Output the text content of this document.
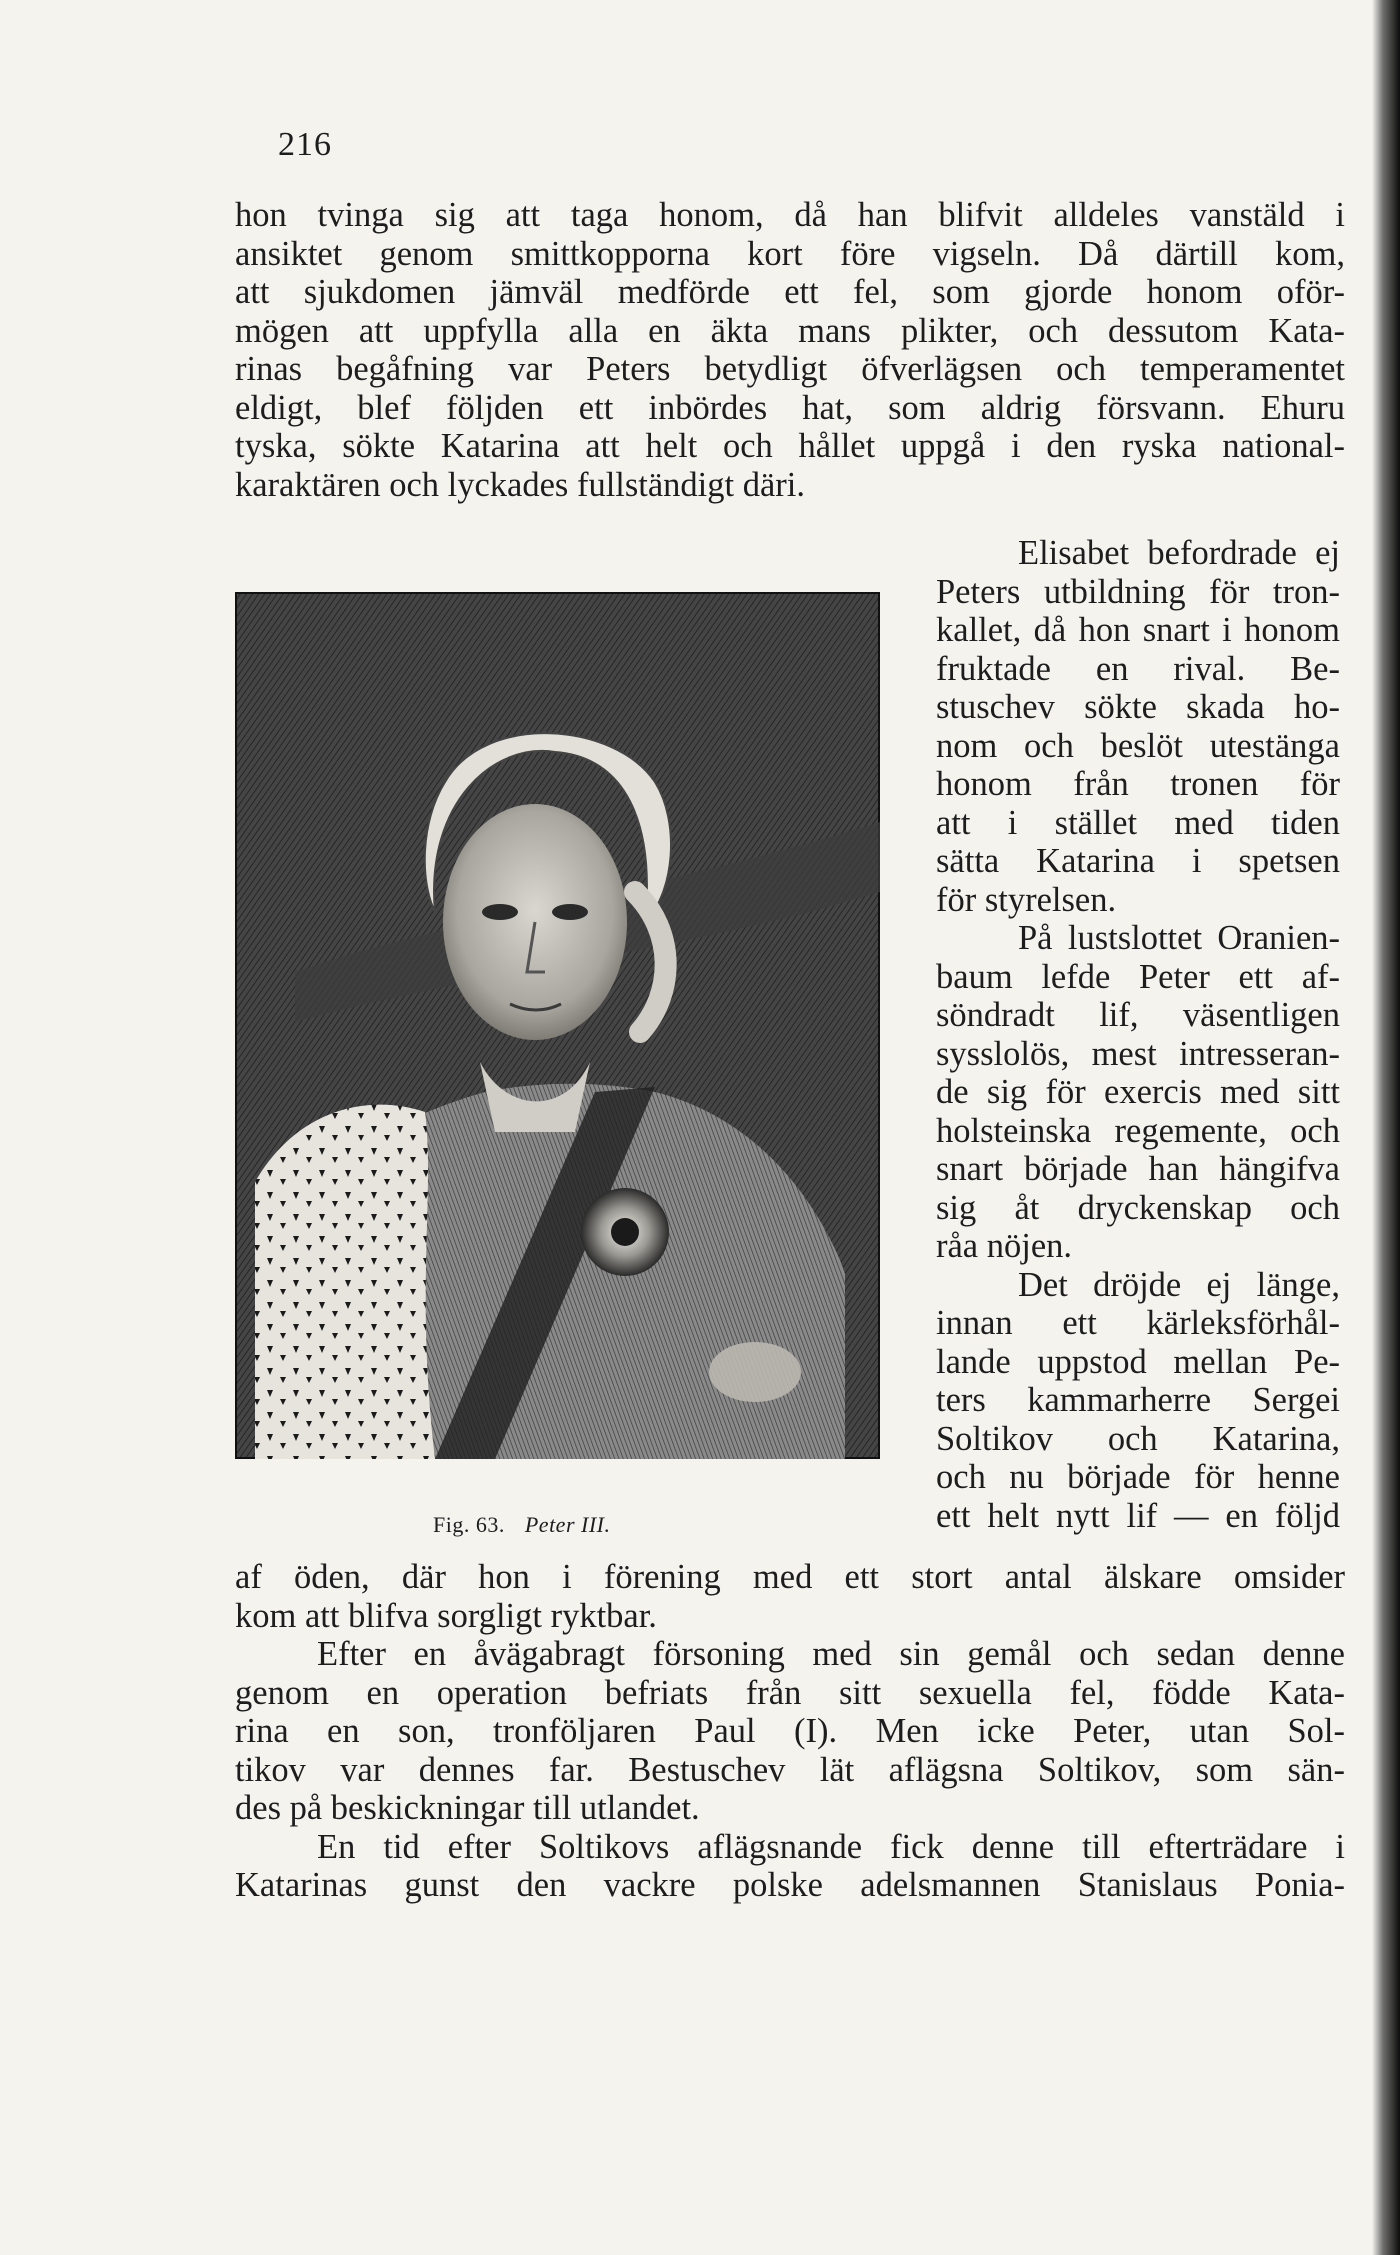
216

hon tvinga sig att taga honom, då han blifvit alldeles vanstäld i
ansiktet genom smittkopporna kort före vigseln. Då därtill kom,
att sjukdomen jämväl medförde ett fel, som gjorde honom oför-
mögen att uppfylla alla en äkta mans plikter, och dessutom Kata-
rinas begåfning var Peters betydligt öfverlägsen och temperamentet
eldigt, blef följden ett inbördes hat, som aldrig försvann. Ehuru
tyska, sökte Katarina att helt och hållet uppgå i den ryska national-
karaktären och lyckades fullständigt däri.

Elisabet befordrade ej
Peters utbildning för tron-
kallet, då hon snart i honom
fruktade en rival. Be-
stuschev sökte skada ho-
nom och beslöt utestänga
honom från tronen för
att i stället med tiden
sätta Katarina i spetsen
för styrelsen.
På lustslottet Oranien-
baum lefde Peter ett af-
söndradt lif, väsentligen
sysslolös, mest intresseran-
de sig för exercis med sitt
holsteinska regemente, och
snart började han hängifva
sig åt dryckenskap och
råa nöjen.
Det dröjde ej länge,
innan ett kärleksförhål-
lande uppstod mellan Pe-
ters kammarherre Sergei
Soltikov och Katarina,
och nu började för henne
ett helt nytt lif — en följd

Fig. 63. Peter III.

af öden, där hon i förening med ett stort antal älskare omsider
kom att blifva sorgligt ryktbar.
Efter en åvägabragt försoning med sin gemål och sedan denne
genom en operation befriats från sitt sexuella fel, födde Kata-
rina en son, tronföljaren Paul (I). Men icke Peter, utan Sol-
tikov var dennes far. Bestuschev lät aflägsna Soltikov, som sän-
des på beskickningar till utlandet.
En tid efter Soltikovs aflägsnande fick denne till efterträdare i
Katarinas gunst den vackre polske adelsmannen Stanislaus Ponia-
